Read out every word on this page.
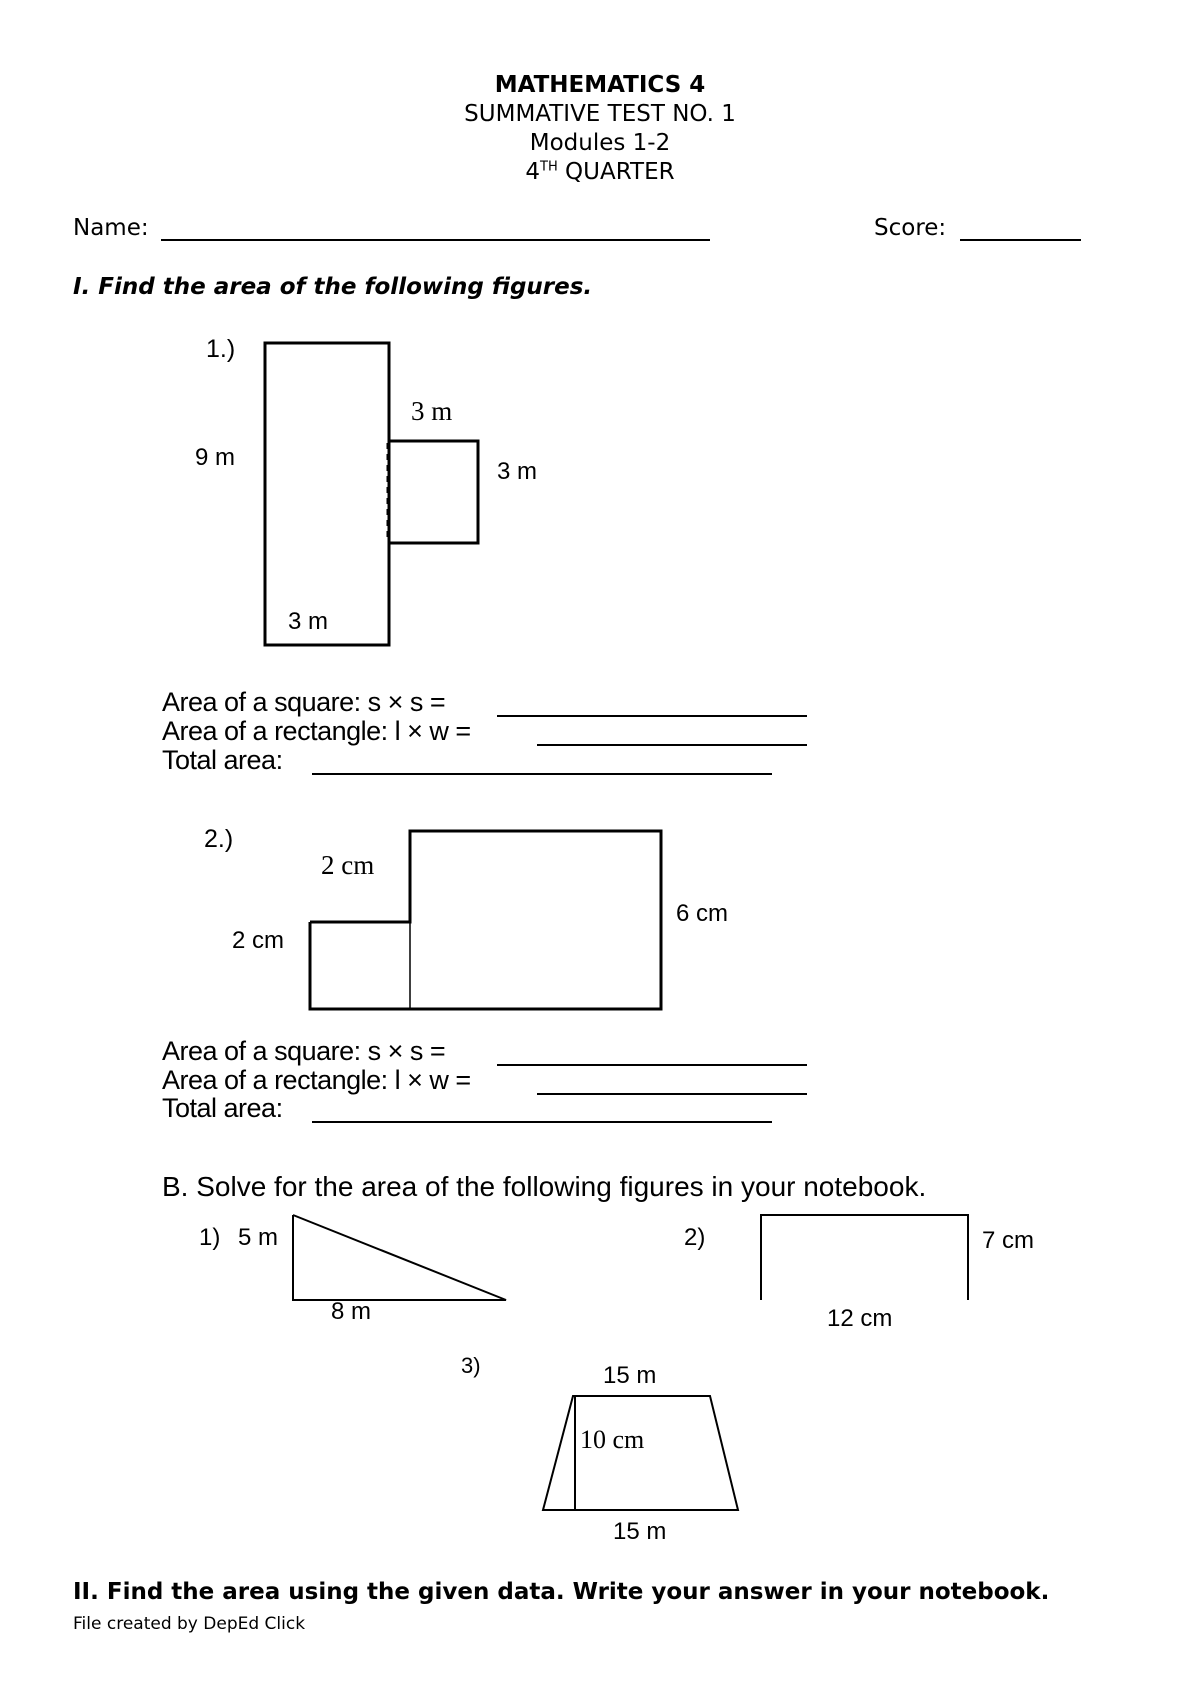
MATHEMATICS 4
SUMMATIVE TEST NO. 1
Modules 1-2
4TH QUARTER
Name:	Score:
I. Find the area of the following figures.
1.)
9 m
3 m
3 m
3 m
Area of a square: s × s =
Area of a rectangle: l × w =
Total area:
2.)
2 cm
2 cm
6 cm
Area of a square: s × s =
Area of a rectangle: l × w =
Total area:
B. Solve for the area of the following figures in your notebook.
1) 5 m
8 m
2)	7 cm
12 cm
3)	15 m
10 cm
15 m
II. Find the area using the given data. Write your answer in your notebook.
File created by DepEd Click
